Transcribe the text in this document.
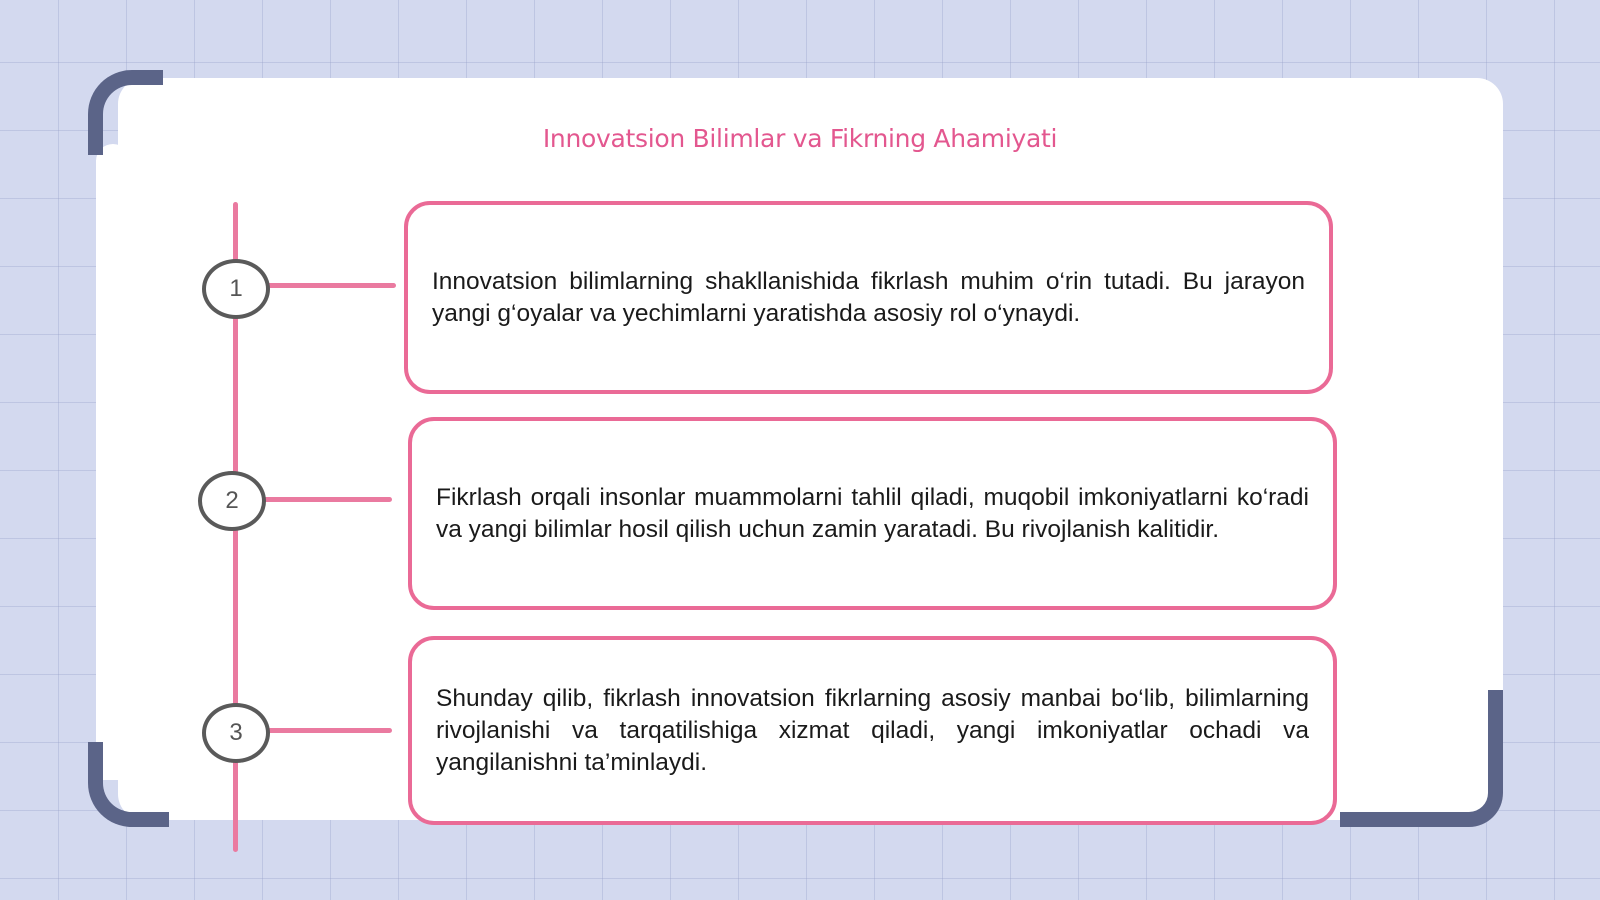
Innovatsion Bilimlar va Fikrning Ahamiyati
1	Innovatsion bilimlarning shakllanishida fikrlash muhim o‘rin tutadi. Bu jarayon yangi g‘oyalar va yechimlarni yaratishda asosiy rol o‘ynaydi.

2	Fikrlash orqali insonlar muammolarni tahlil qiladi, muqobil imkoniyatlarni ko‘radi va yangi bilimlar hosil qilish uchun zamin yaratadi. Bu rivojlanish kalitidir.

3

Shunday qilib, fikrlash innovatsion fikrlarning asosiy manbai bo‘lib, bilimlarning rivojlanishi va tarqatilishiga xizmat qiladi, yangi imkoniyatlar ochadi va yangilanishni ta’minlaydi.
